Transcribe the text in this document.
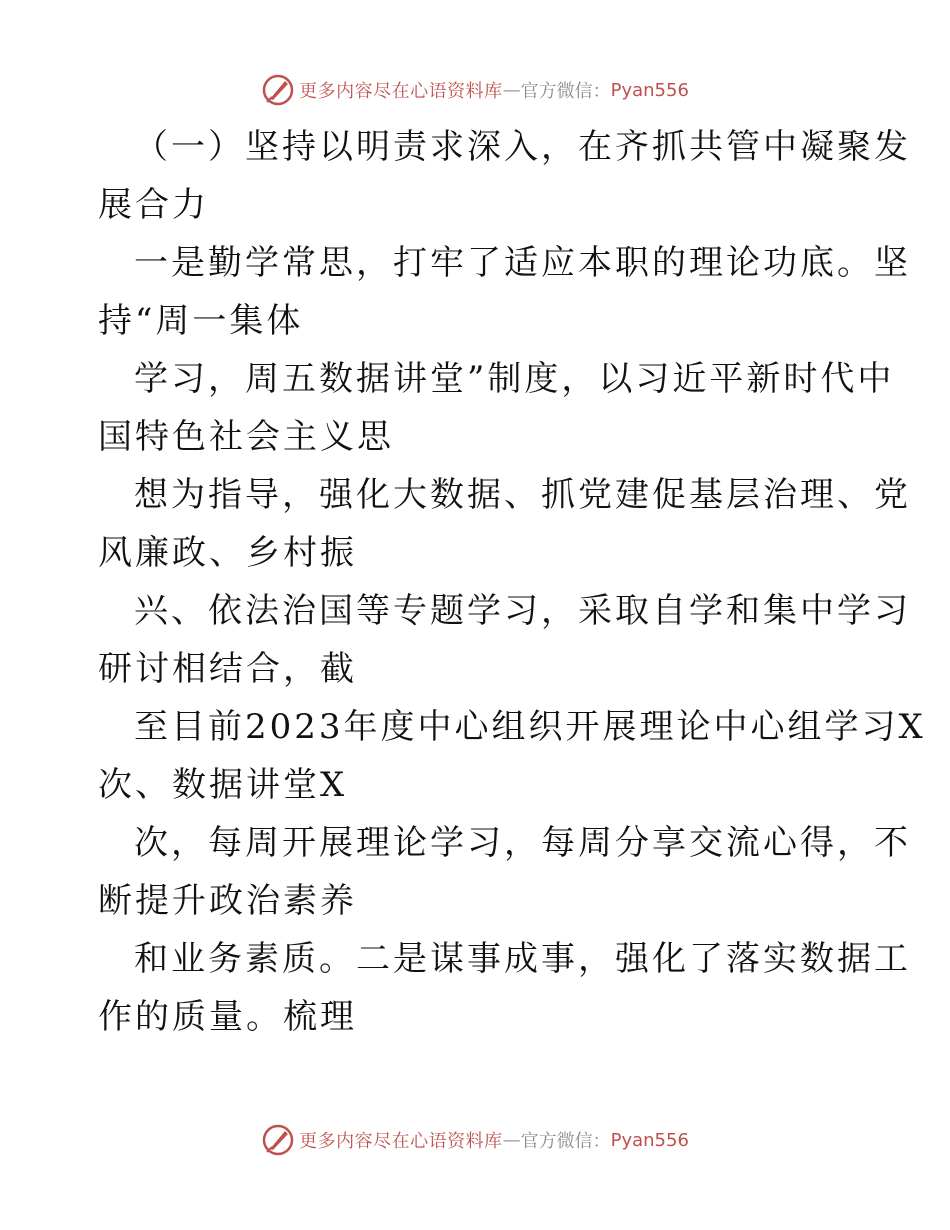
更多内容尽在心语资料库 — 官方微信： Pyan556
（一）坚持以明责求深入，在齐抓共管中凝聚发
展合力
一是勤学常思，打牢了适应本职的理论功底。坚
持“周一集体
学习，周五数据讲堂”制度，以习近平新时代中
国特色社会主义思
想为指导，强化大数据、抓党建促基层治理、党
风廉政、乡村振
兴、依法治国等专题学习，采取自学和集中学习
研讨相结合，截
至目前2023年度中心组织开展理论中心组学习X
次、数据讲堂X
次，每周开展理论学习，每周分享交流心得，不
断提升政治素养
和业务素质。二是谋事成事，强化了落实数据工
作的质量。梳理
更多内容尽在心语资料库 — 官方微信： Pyan556
